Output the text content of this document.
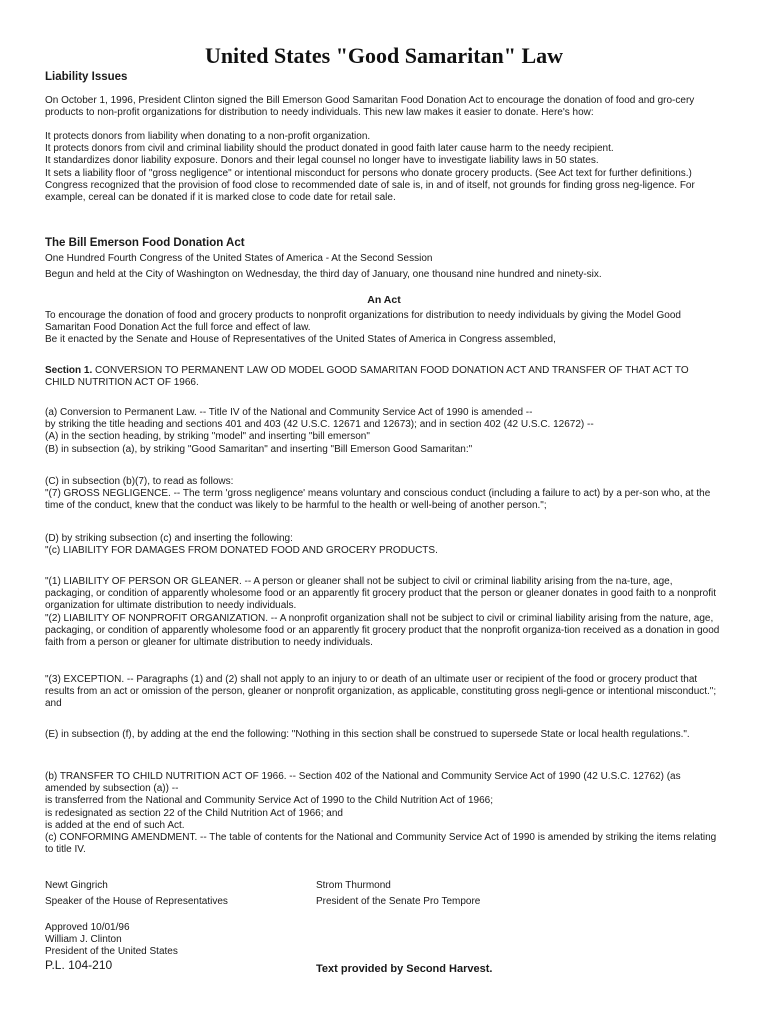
United States "Good Samaritan" Law
Liability Issues
On October 1, 1996, President Clinton signed the Bill Emerson Good Samaritan Food Donation Act to encourage the donation of food and gro-cery products to non-profit organizations for distribution to needy individuals. This new law makes it easier to donate. Here's how:

It protects donors from liability when donating to a non-profit organization.

It protects donors from civil and criminal liability should the product donated in good faith later cause harm to the needy recipient.

It standardizes donor liability exposure. Donors and their legal counsel no longer have to investigate liability laws in 50 states.

It sets a liability floor of "gross negligence" or intentional misconduct for persons who donate grocery products. (See Act text for further definitions.)

Congress recognized that the provision of food close to recommended date of sale is, in and of itself, not grounds for finding gross neg-ligence. For example, cereal can be donated if it is marked close to code date for retail sale.

The Bill Emerson Food Donation Act

One Hundred Fourth Congress of the United States of America - At the Second Session

Begun and held at the City of Washington on Wednesday, the third day of January, one thousand nine hundred and ninety-six.

An Act

To encourage the donation of food and grocery products to nonprofit organizations for distribution to needy individuals by giving the Model Good Samaritan Food Donation Act the full force and effect of law.

Be it enacted by the Senate and House of Representatives of the United States of America in Congress assembled,

Section 1. CONVERSION TO PERMANENT LAW OD MODEL GOOD SAMARITAN FOOD DONATION ACT AND TRANSFER OF THAT ACT TO CHILD NUTRITION ACT OF 1966.

(a) Conversion to Permanent Law. -- Title IV of the National and Community Service Act of 1990 is amended --

by striking the title heading and sections 401 and 403 (42 U.S.C. 12671 and 12673); and in section 402 (42 U.S.C. 12672) --

(A) in the section heading, by striking "model" and inserting "bill emerson"

(B) in subsection (a), by striking "Good Samaritan" and inserting "Bill Emerson Good Samaritan:"

(C) in subsection (b)(7), to read as follows:

"(7) GROSS NEGLIGENCE. -- The term 'gross negligence' means voluntary and conscious conduct (including a failure to act) by a per-son who, at the time of the conduct, knew that the conduct was likely to be harmful to the health or well-being of another person.";

(D) by striking subsection (c) and inserting the following:

"(c) LIABILITY FOR DAMAGES FROM DONATED FOOD AND GROCERY PRODUCTS.

"(1) LIABILITY OF PERSON OR GLEANER. -- A person or gleaner shall not be subject to civil or criminal liability arising from the na-ture, age, packaging, or condition of apparently wholesome food or an apparently fit grocery product that the person or gleaner donates in good faith to a nonprofit organization for ultimate distribution to needy individuals.

"(2) LIABILITY OF NONPROFIT ORGANIZATION. -- A nonprofit organization shall not be subject to civil or criminal liability arising from the nature, age, packaging, or condition of apparently wholesome food or an apparently fit grocery product that the nonprofit organiza-tion received as a donation in good faith from a person or gleaner for ultimate distribution to needy individuals.

"(3) EXCEPTION. -- Paragraphs (1) and (2) shall not apply to an injury to or death of an ultimate user or recipient of the food or grocery product that results from an act or omission of the person, gleaner or nonprofit organization, as applicable, constituting gross negli-gence or intentional misconduct."; and
(E) in subsection (f), by adding at the end the following: "Nothing in this section shall be construed to supersede State or local health regulations.".

(b) TRANSFER TO CHILD NUTRITION ACT OF 1966. -- Section 402 of the National and Community Service Act of 1990 (42 U.S.C. 12762) (as amended by subsection (a)) --

is transferred from the National and Community Service Act of 1990 to the Child Nutrition Act of 1966;

is redesignated as section 22 of the Child Nutrition Act of 1966; and

is added at the end of such Act.

(c) CONFORMING AMENDMENT. -- The table of contents for the National and Community Service Act of 1990 is amended by striking the items relating to title IV.

Newt Gingrich

Speaker of the House of Representatives

Strom Thurmond

President of the Senate Pro Tempore

Approved 10/01/96

William J. Clinton

President of the United States

P.L. 104-210	Text provided by Second Harvest.
